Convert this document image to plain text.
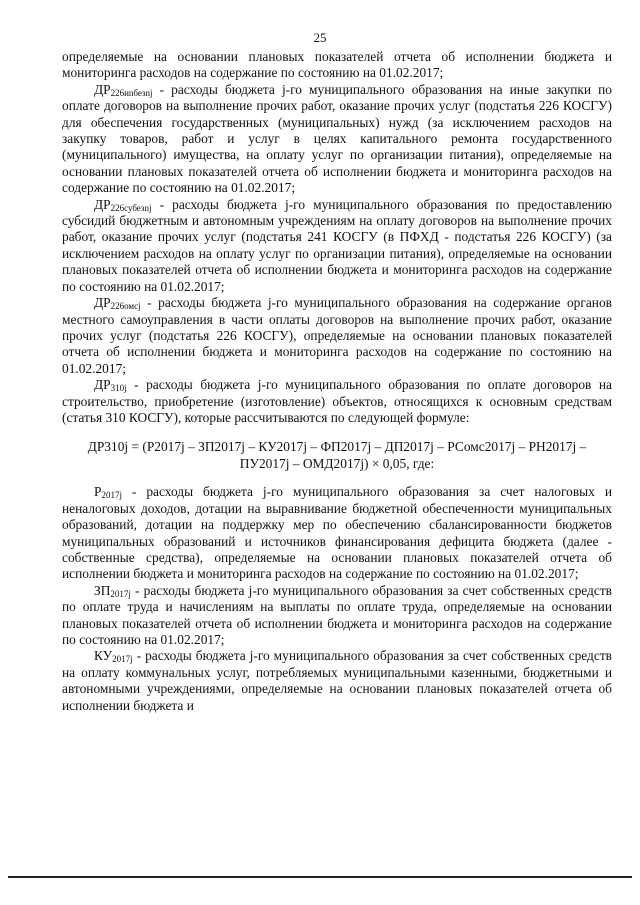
25

определяемые на основании плановых показателей отчета об исполнении бюджета и мониторинга расходов на содержание по состоянию на 01.02.2017;

$ДР_{226иnбезnj}$ - расходы бюджета j-го муниципального образования на иные закупки по оплате договоров на выполнение прочих работ, оказание прочих услуг (подстатья 226 КОСГУ) для обеспечения государственных (муниципальных) нужд (за исключением расходов на закупку товаров, работ и услуг в целях капитального ремонта государственного (муниципального) имущества, на оплату услуг по организации питания), определяемые на основании плановых показателей отчета об исполнении бюджета и мониторинга расходов на содержание по состоянию на 01.02.2017;

$ДР_{226субезnj}$ - расходы бюджета j-го муниципального образования по предоставлению субсидий бюджетным и автономным учреждениям на оплату договоров на выполнение прочих работ, оказание прочих услуг (подстатья 241 КОСГУ (в ПФХД - подстатья 226 КОСГУ) (за исключением расходов на оплату услуг по организации питания), определяемые на основании плановых показателей отчета об исполнении бюджета и мониторинга расходов на содержание по состоянию на 01.02.2017;

$ДР_{226омсj}$ - расходы бюджета j-го муниципального образования на содержание органов местного самоуправления в части оплаты договоров на выполнение прочих работ, оказание прочих услуг (подстатья 226 КОСГУ), определяемые на основании плановых показателей отчета об исполнении бюджета и мониторинга расходов на содержание по состоянию на 01.02.2017;

$ДР_{310j}$ - расходы бюджета j-го муниципального образования по оплате договоров на строительство, приобретение (изготовление) объектов, относящихся к основным средствам (статья 310 КОСГУ), которые рассчитываются по следующей формуле:

ДР310j = (Р2017j – ЗП2017j – КУ2017j – ФП2017j – ДП2017j – РСомс2017j – РН2017j –
ПУ2017j – ОМД2017j) × 0,05, где:

$Р_{2017j}$ - расходы бюджета j-го муниципального образования за счет налоговых и неналоговых доходов, дотации на выравнивание бюджетной обеспеченности муниципальных образований, дотации на поддержку мер по обеспечению сбалансированности бюджетов муниципальных образований и источников финансирования дефицита бюджета (далее - собственные средства), определяемые на основании плановых показателей отчета об исполнении бюджета и мониторинга расходов на содержание по состоянию на 01.02.2017;

$ЗП_{2017j}$ - расходы бюджета j-го муниципального образования за счет собственных средств по оплате труда и начислениям на выплаты по оплате труда, определяемые на основании плановых показателей отчета об исполнении бюджета и мониторинга расходов на содержание по состоянию на 01.02.2017;

$КУ_{2017j}$ - расходы бюджета j-го муниципального образования за счет собственных средств на оплату коммунальных услуг, потребляемых муниципальными казенными, бюджетными и автономными учреждениями, определяемые на основании плановых показателей отчета об исполнении бюджета и
